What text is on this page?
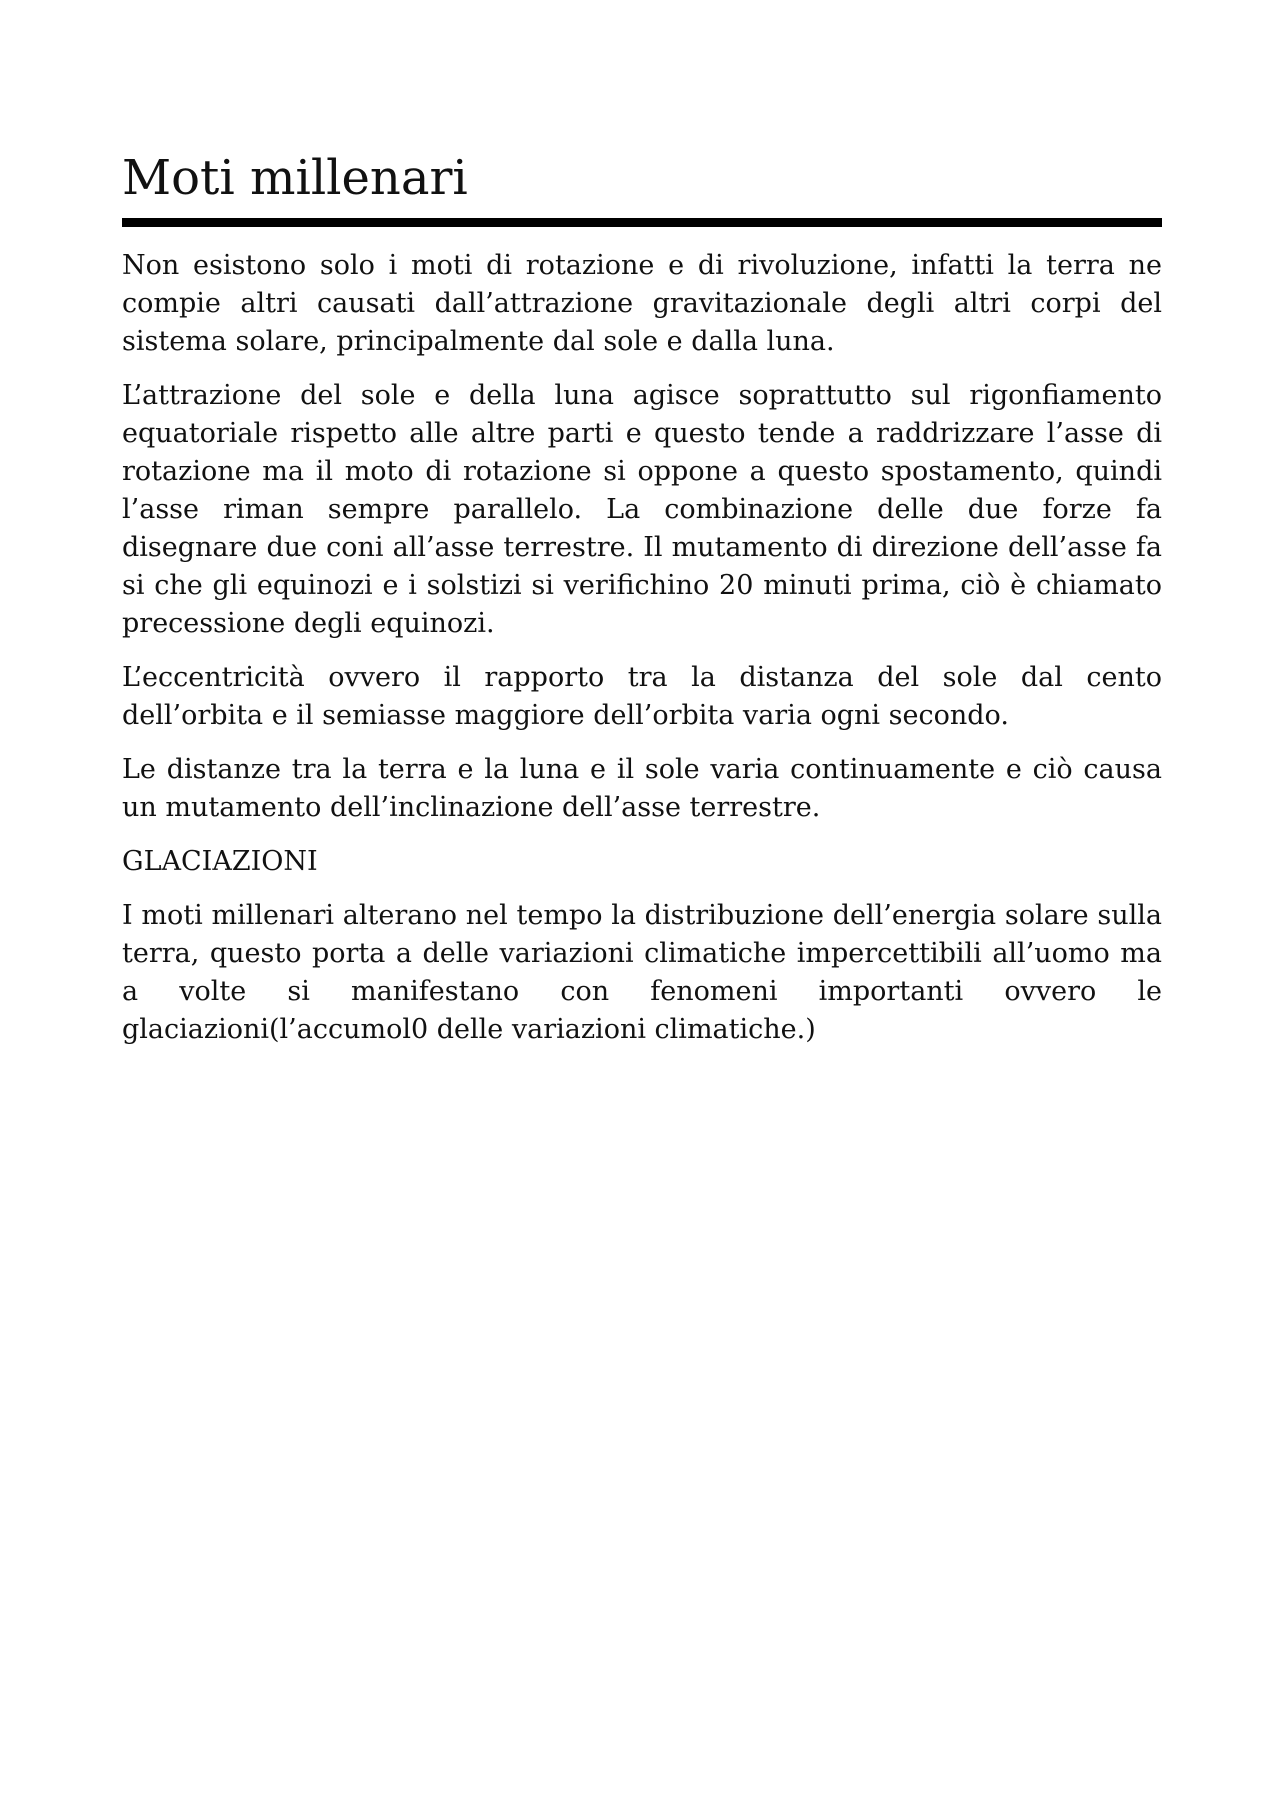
Moti millenari

Non esistono solo i moti di rotazione e di rivoluzione, infatti la terra ne compie altri causati dall’attrazione gravitazionale degli altri corpi del sistema solare, principalmente dal sole e dalla luna.

L’attrazione del sole e della luna agisce soprattutto sul rigonfiamento equatoriale rispetto alle altre parti e questo tende a raddrizzare l’asse di rotazione ma il moto di rotazione si oppone a questo spostamento, quindi l’asse riman sempre parallelo. La combinazione delle due forze fa disegnare due coni all’asse terrestre. Il mutamento di direzione dell’asse fa si che gli equinozi e i solstizi si verifichino 20 minuti prima, ciò è chiamato precessione degli equinozi.

L’eccentricità ovvero il rapporto tra la distanza del sole dal cento dell’orbita e il semiasse maggiore dell’orbita varia ogni secondo.

Le distanze tra la terra e la luna e il sole varia continuamente e ciò causa un mutamento dell’inclinazione dell’asse terrestre.

GLACIAZIONI

I moti millenari alterano nel tempo la distribuzione dell’energia solare sulla terra, questo porta a delle variazioni climatiche impercettibili all’uomo ma a volte si manifestano con fenomeni importanti ovvero le glaciazioni(l’accumol0 delle variazioni climatiche.)
